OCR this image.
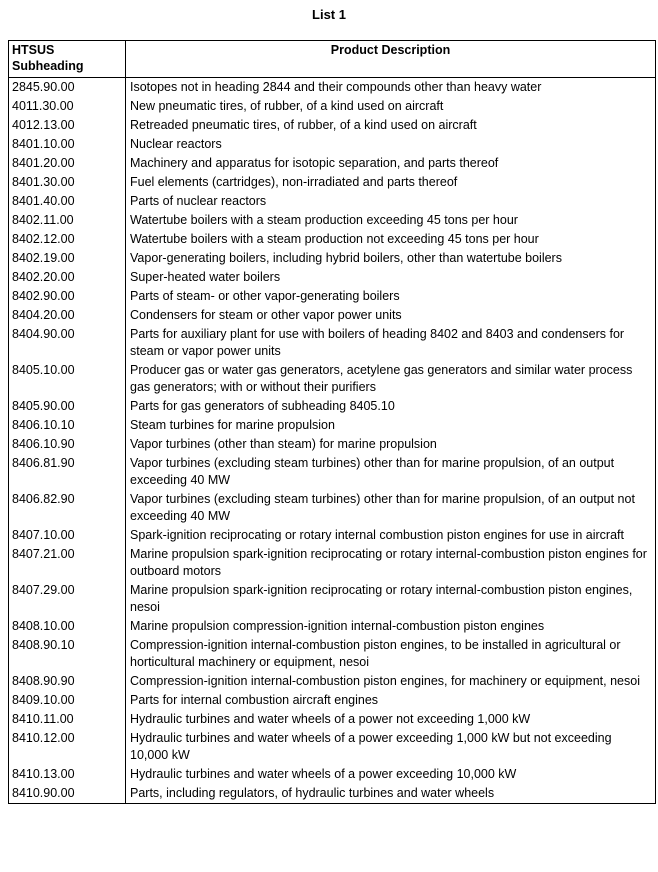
List 1
HTSUS Subheading	Product Description
2845.90.00	Isotopes not in heading 2844 and their compounds other than heavy water
4011.30.00	New pneumatic tires, of rubber, of a kind used on aircraft
4012.13.00	Retreaded pneumatic tires, of rubber, of a kind used on aircraft
8401.10.00	Nuclear reactors
8401.20.00	Machinery and apparatus for isotopic separation, and parts thereof
8401.30.00	Fuel elements (cartridges), non-irradiated and parts thereof
8401.40.00	Parts of nuclear reactors
8402.11.00	Watertube boilers with a steam production exceeding 45 tons per hour
8402.12.00	Watertube boilers with a steam production not exceeding 45 tons per hour
8402.19.00	Vapor-generating boilers, including hybrid boilers, other than watertube boilers
8402.20.00	Super-heated water boilers
8402.90.00	Parts of steam- or other vapor-generating boilers
8404.20.00	Condensers for steam or other vapor power units
8404.90.00	Parts for auxiliary plant for use with boilers of heading 8402 and 8403 and condensers for steam or vapor power units
8405.10.00	Producer gas or water gas generators, acetylene gas generators and similar water process gas generators; with or without their purifiers
8405.90.00	Parts for gas generators of subheading 8405.10
8406.10.10	Steam turbines for marine propulsion
8406.10.90	Vapor turbines (other than steam) for marine propulsion
8406.81.90	Vapor turbines (excluding steam turbines) other than for marine propulsion, of an output exceeding 40 MW
8406.82.90	Vapor turbines (excluding steam turbines) other than for marine propulsion, of an output not exceeding 40 MW
8407.10.00	Spark-ignition reciprocating or rotary internal combustion piston engines for use in aircraft
8407.21.00	Marine propulsion spark-ignition reciprocating or rotary internal-combustion piston engines for outboard motors
8407.29.00	Marine propulsion spark-ignition reciprocating or rotary internal-combustion piston engines, nesoi
8408.10.00	Marine propulsion compression-ignition internal-combustion piston engines
8408.90.10	Compression-ignition internal-combustion piston engines, to be installed in agricultural or horticultural machinery or equipment, nesoi
8408.90.90	Compression-ignition internal-combustion piston engines, for machinery or equipment, nesoi
8409.10.00	Parts for internal combustion aircraft engines
8410.11.00	Hydraulic turbines and water wheels of a power not exceeding 1,000 kW
8410.12.00	Hydraulic turbines and water wheels of a power exceeding 1,000 kW but not exceeding 10,000 kW
8410.13.00	Hydraulic turbines and water wheels of a power exceeding 10,000 kW
8410.90.00	Parts, including regulators, of hydraulic turbines and water wheels
